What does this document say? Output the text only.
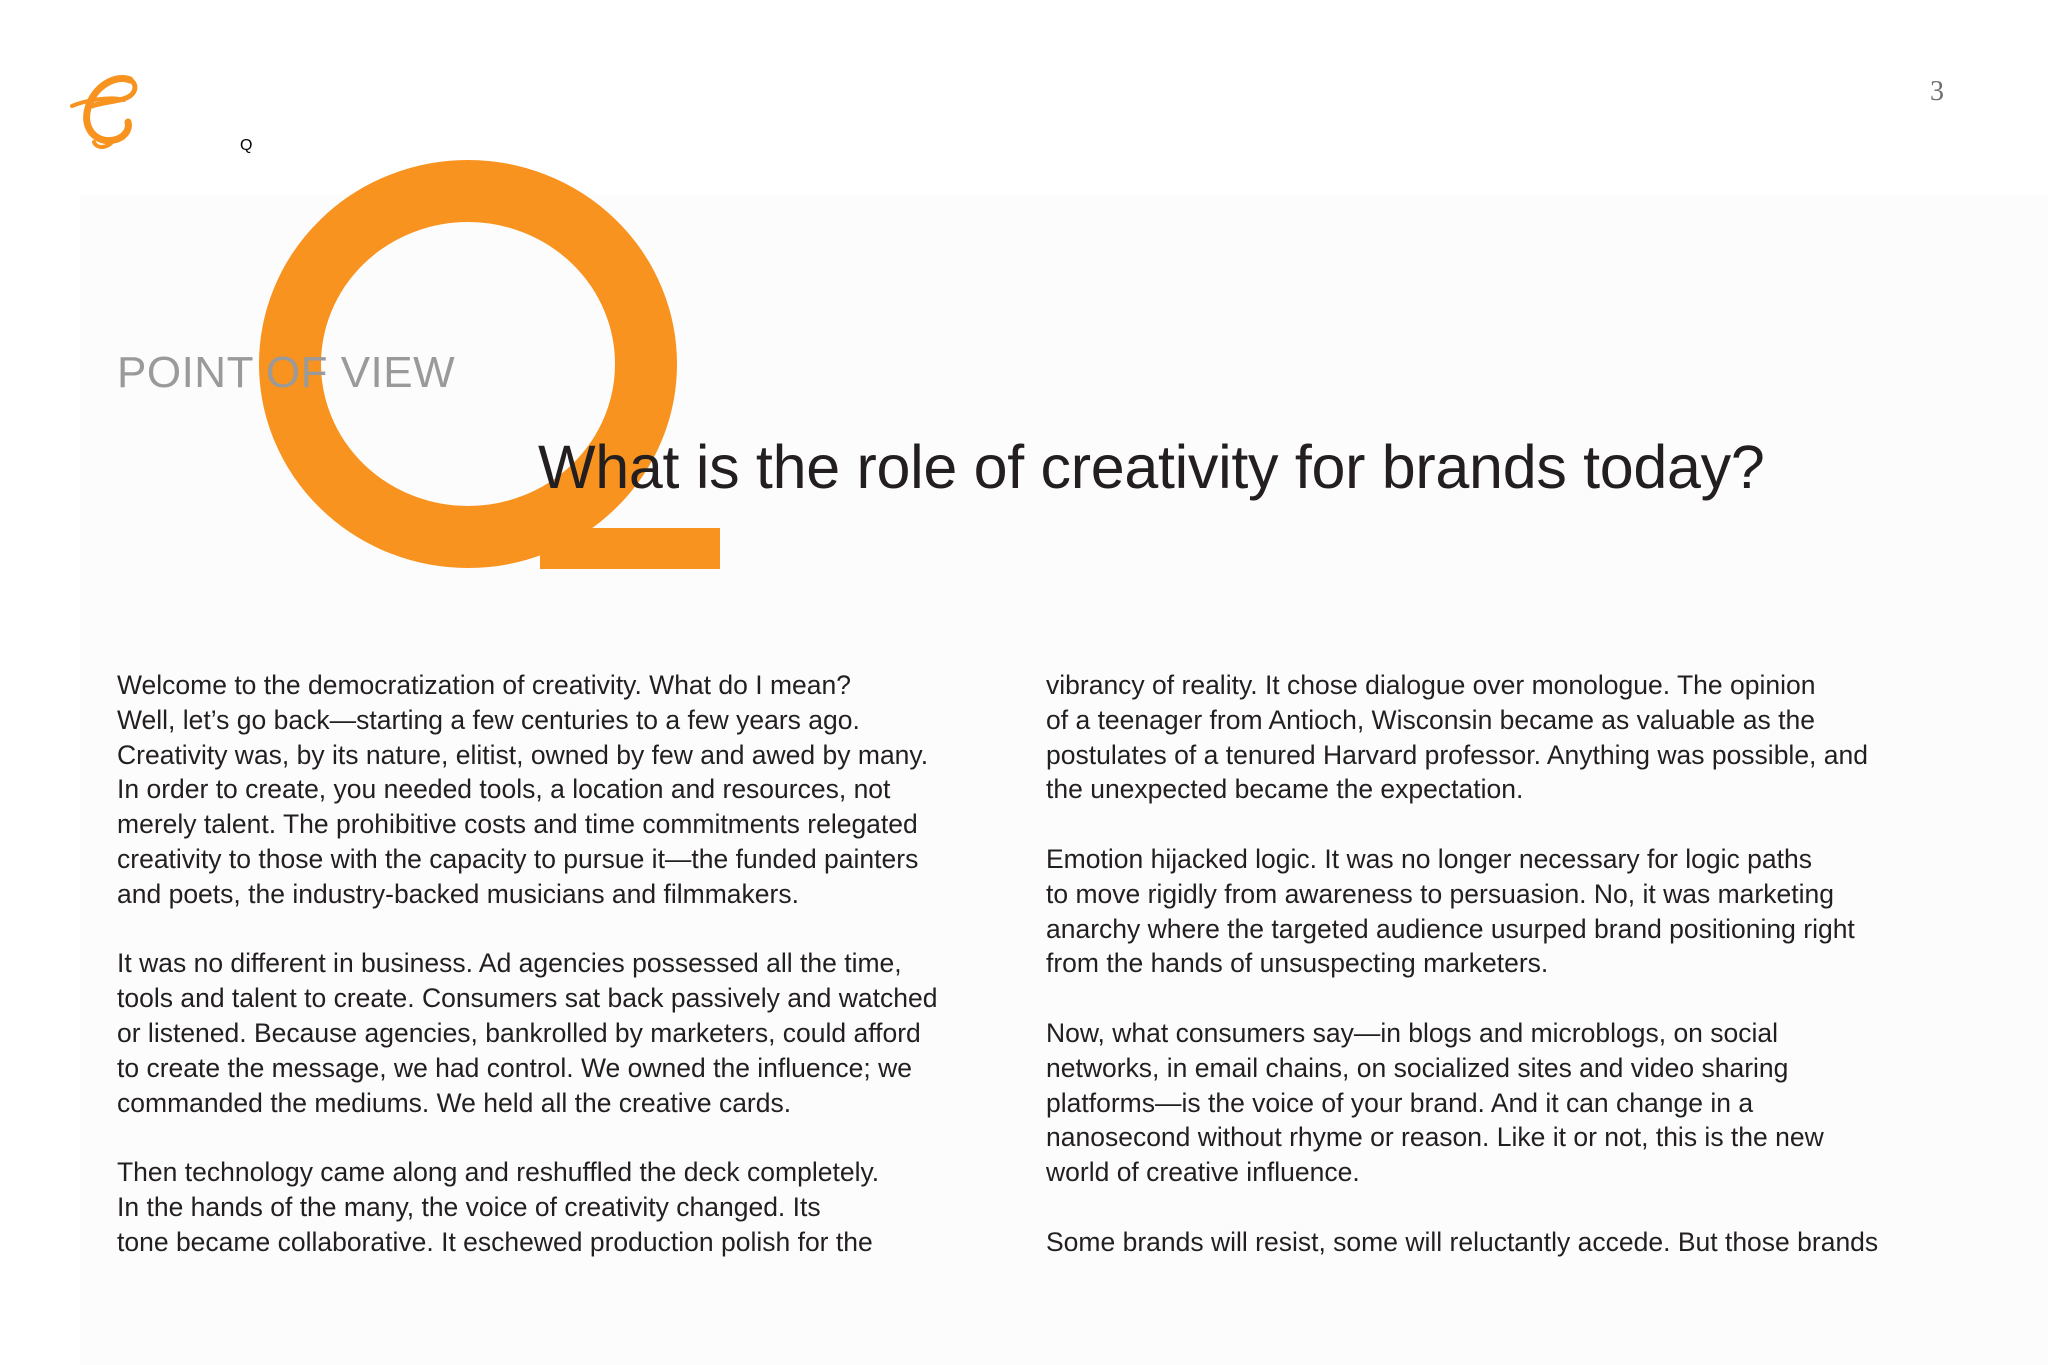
3
Q
POINT OF VIEW
What is the role of creativity for brands today?
Welcome to the democratization of creativity. What do I mean?
Well, let’s go back—starting a few centuries to a few years ago.
Creativity was, by its nature, elitist, owned by few and awed by many.
In order to create, you needed tools, a location and resources, not
merely talent. The prohibitive costs and time commitments relegated
creativity to those with the capacity to pursue it—the funded painters
and poets, the industry-backed musicians and filmmakers.
It was no different in business. Ad agencies possessed all the time,
tools and talent to create. Consumers sat back passively and watched
or listened. Because agencies, bankrolled by marketers, could afford
to create the message, we had control. We owned the influence; we
commanded the mediums. We held all the creative cards.
Then technology came along and reshuffled the deck completely.
In the hands of the many, the voice of creativity changed. Its
tone became collaborative. It eschewed production polish for the
vibrancy of reality. It chose dialogue over monologue. The opinion
of a teenager from Antioch, Wisconsin became as valuable as the
postulates of a tenured Harvard professor. Anything was possible, and
the unexpected became the expectation.
Emotion hijacked logic. It was no longer necessary for logic paths
to move rigidly from awareness to persuasion. No, it was marketing
anarchy where the targeted audience usurped brand positioning right
from the hands of unsuspecting marketers.
Now, what consumers say—in blogs and microblogs, on social
networks, in email chains, on socialized sites and video sharing
platforms—is the voice of your brand. And it can change in a
nanosecond without rhyme or reason. Like it or not, this is the new
world of creative influence.
Some brands will resist, some will reluctantly accede. But those brands
